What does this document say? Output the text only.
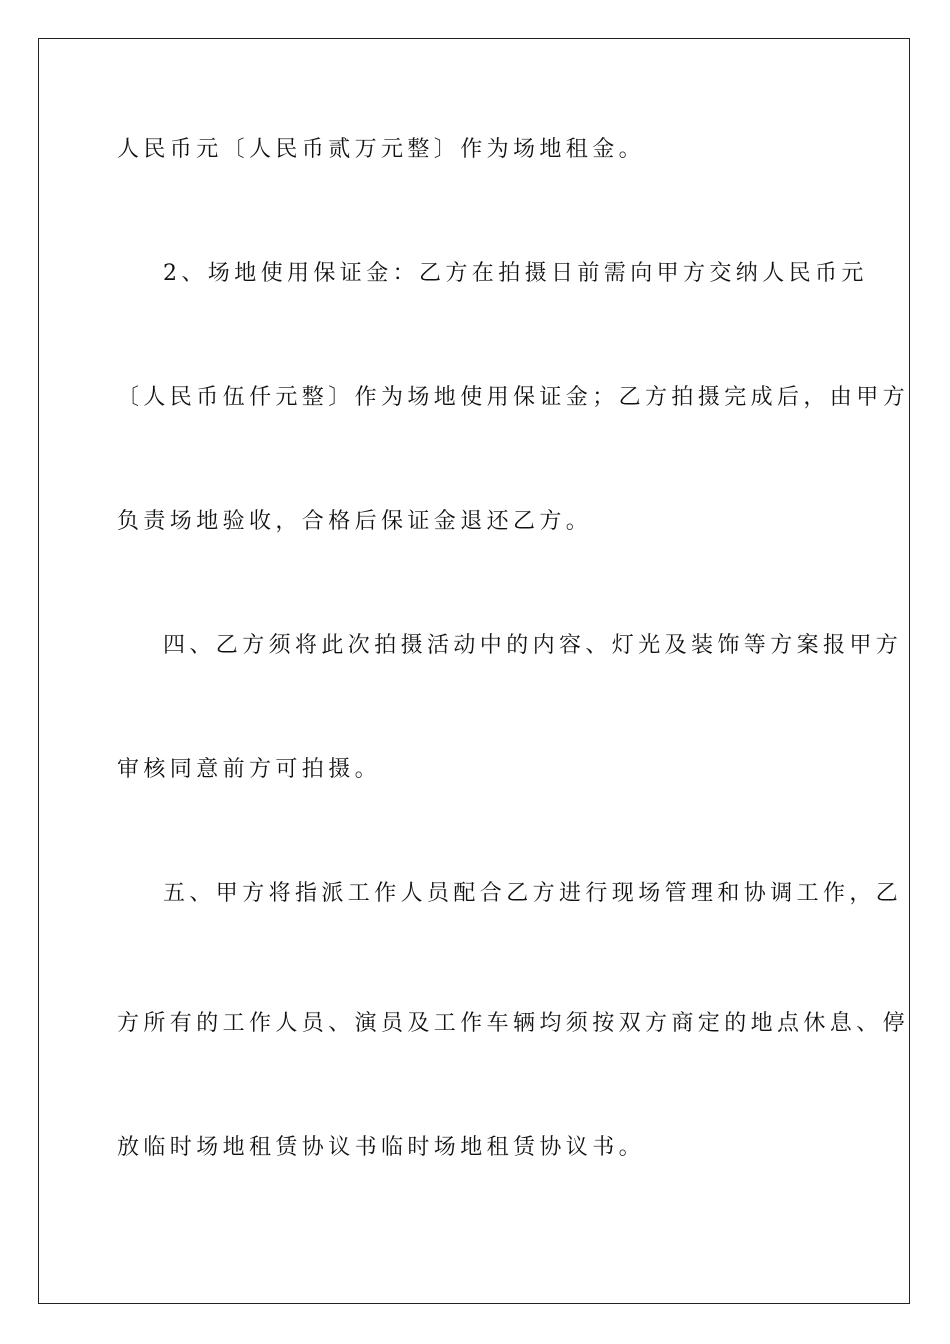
人民币元〔人民币贰万元整〕作为场地租金。
2、场地使用保证金：乙方在拍摄日前需向甲方交纳人民币元
〔人民币伍仟元整〕作为场地使用保证金；乙方拍摄完成后，由甲方
负责场地验收，合格后保证金退还乙方。
四、乙方须将此次拍摄活动中的内容、灯光及装饰等方案报甲方
审核同意前方可拍摄。
五、甲方将指派工作人员配合乙方进行现场管理和协调工作，乙
方所有的工作人员、演员及工作车辆均须按双方商定的地点休息、停
放临时场地租赁协议书临时场地租赁协议书。
